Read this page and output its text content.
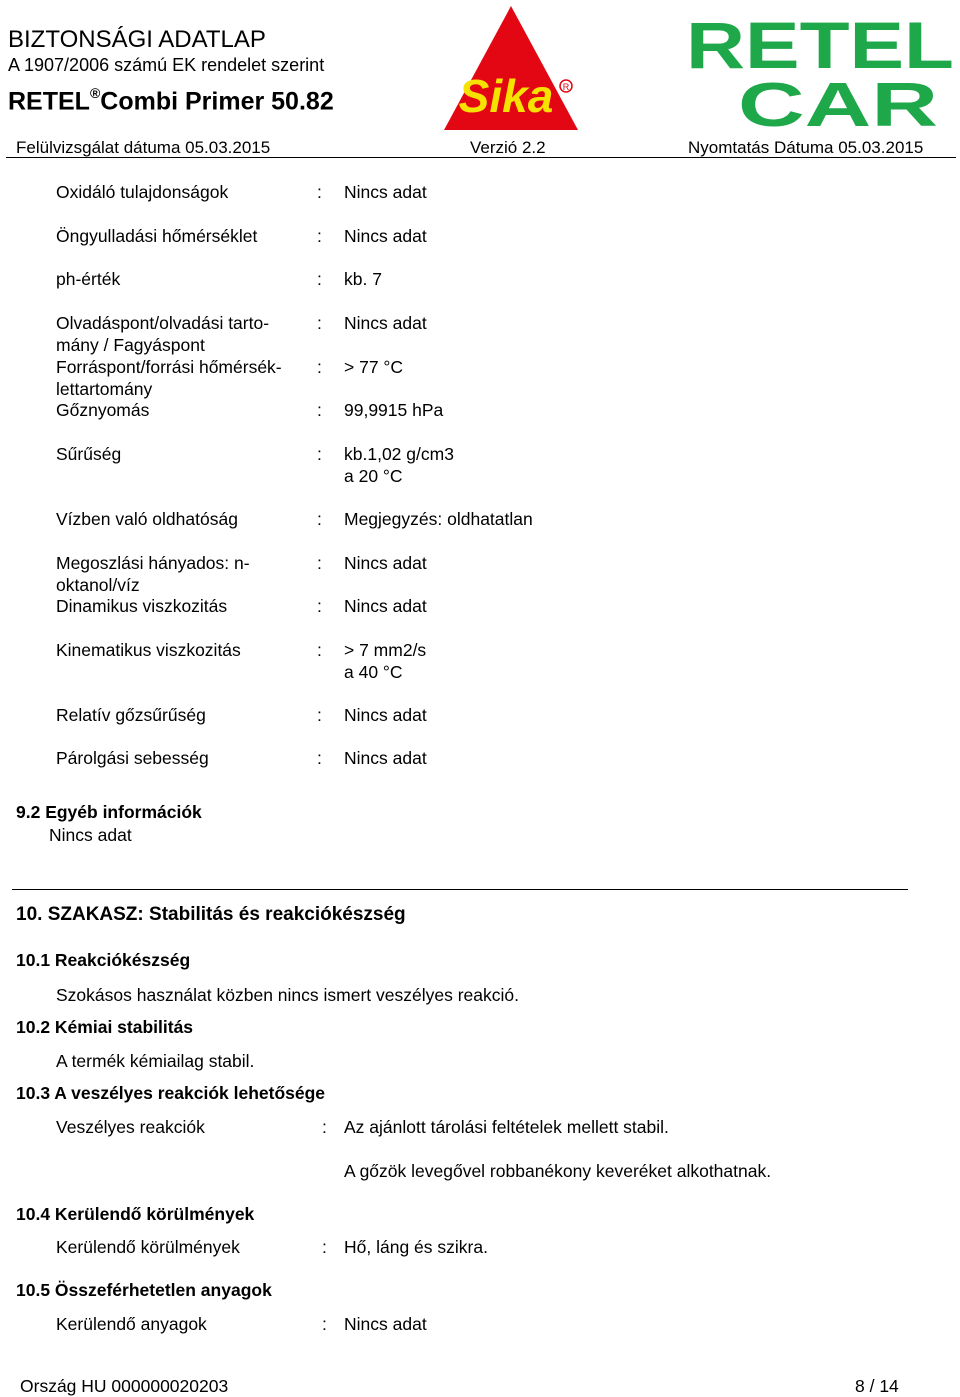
BIZTONSÁGI ADATLAP
A 1907/2006 számú EK rendelet szerint
RETEL®Combi Primer 50.82	Sika R
RETEL
CAR
Felülvizsgálat dátuma 05.03.2015	Verzió 2.2	Nyomtatás Dátuma 05.03.2015
Oxidáló tulajdonságok	: Nincs adat
Öngyulladási hőmérséklet	: Nincs adat
ph-érték	: kb. 7
Olvadáspont/olvadási tarto-
mány / Fagyáspont
: Nincs adat
Forráspont/forrási hőmérsék-
lettartomány
: > 77 °C
Gőznyomás	: 99,9915 hPa
Sűrűség	: kb.1,02 g/cm3
a 20 °C
Vízben való oldhatóság	: Megjegyzés: oldhatatlan
Megoszlási hányados: n-
oktanol/víz
: Nincs adat
Dinamikus viszkozitás	: Nincs adat
Kinematikus viszkozitás	: > 7 mm2/s
a 40 °C
Relatív gőzsűrűség	: Nincs adat
Párolgási sebesség	: Nincs adat
9.2 Egyéb információk
Nincs adat
10. SZAKASZ: Stabilitás és reakciókészség
10.1 Reakciókészség
Szokásos használat közben nincs ismert veszélyes reakció.
10.2 Kémiai stabilitás
A termék kémiailag stabil.
10.3 A veszélyes reakciók lehetősége
Veszélyes reakciók	: Az ajánlott tárolási feltételek mellett stabil.
A gőzök levegővel robbanékony keveréket alkothatnak.
10.4 Kerülendő körülmények
Kerülendő körülmények	: Hő, láng és szikra.
10.5 Összeférhetetlen anyagok
Kerülendő anyagok	: Nincs adat
Ország HU 000000020203	8 / 14
